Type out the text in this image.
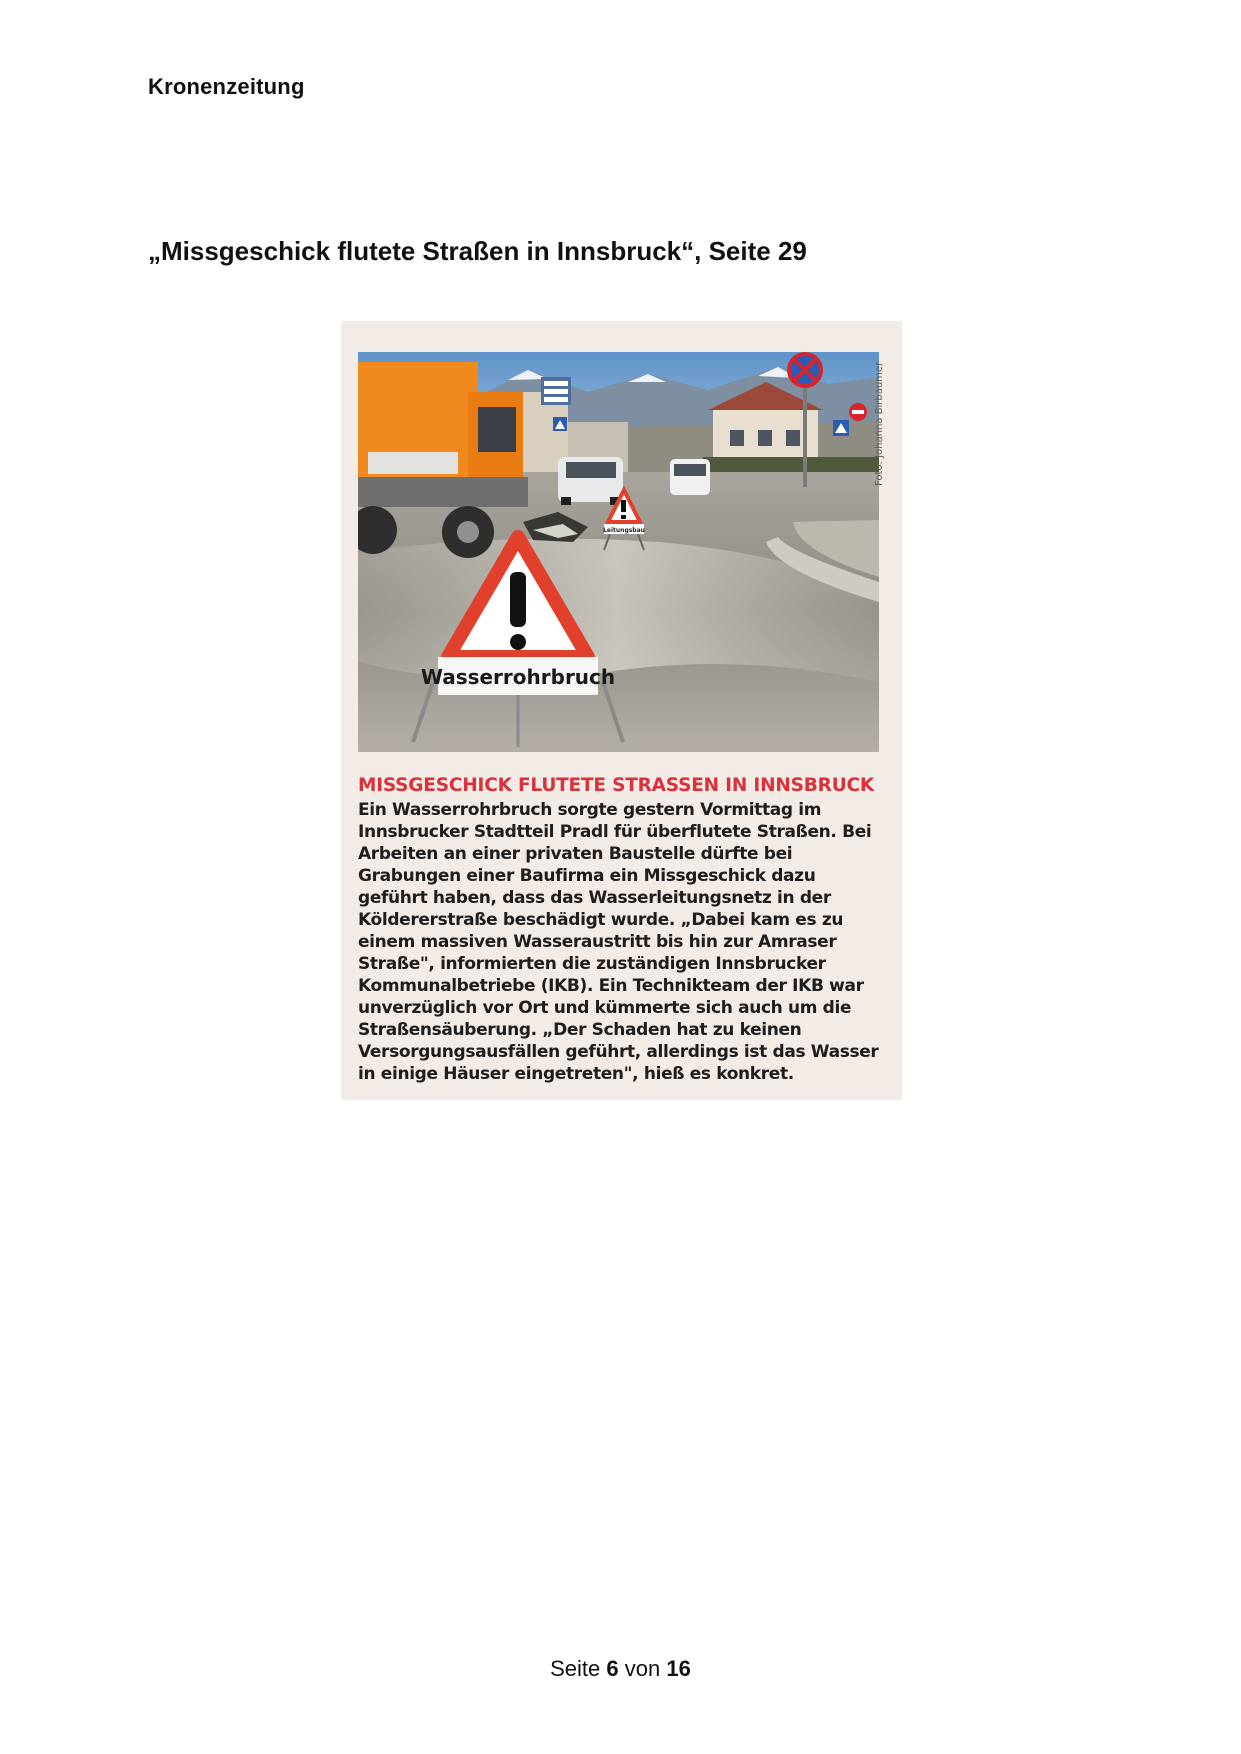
Kronenzeitung
„Missgeschick flutete Straßen in Innsbruck“, Seite 29
Leitungsbau
Wasserrohrbruch
Foto: Johanna Birbaumer
MISSGESCHICK FLUTETE STRASSEN IN INNSBRUCK
Ein Wasserrohrbruch sorgte gestern Vormittag im
Innsbrucker Stadtteil Pradl für überflutete Straßen. Bei
Arbeiten an einer privaten Baustelle dürfte bei
Grabungen einer Baufirma ein Missgeschick dazu
geführt haben, dass das Wasserleitungsnetz in der
Köldererstraße beschädigt wurde. „Dabei kam es zu
einem massiven Wasseraustritt bis hin zur Amraser
Straße", informierten die zuständigen Innsbrucker
Kommunalbetriebe (IKB). Ein Technikteam der IKB war
unverzüglich vor Ort und kümmerte sich auch um die
Straßensäuberung. „Der Schaden hat zu keinen
Versorgungsausfällen geführt, allerdings ist das Wasser
in einige Häuser eingetreten", hieß es konkret.
Seite 6 von 16
